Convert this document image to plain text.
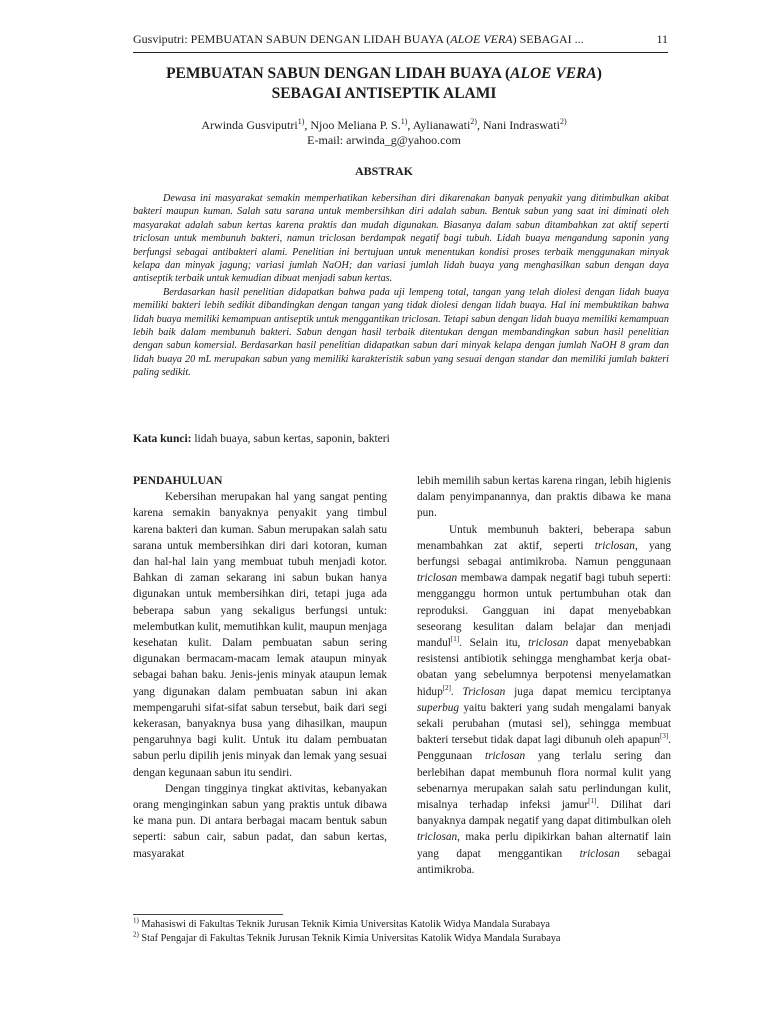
Gusviputri: PEMBUATAN SABUN DENGAN LIDAH BUAYA (ALOE VERA) SEBAGAI ...	11
PEMBUATAN SABUN DENGAN LIDAH BUAYA (ALOE VERA)
SEBAGAI ANTISEPTIK ALAMI
Arwinda Gusviputri$^{1)}$, Njoo Meliana P. S.$^{1)}$, Aylianawati$^{2)}$, Nani Indraswati$^{2)}$
E-mail: arwinda_g@yahoo.com
ABSTRAK

Dewasa ini masyarakat semakin memperhatikan kebersihan diri dikarenakan banyak penyakit yang ditimbulkan akibat bakteri maupun kuman. Salah satu sarana untuk membersihkan diri adalah sabun. Bentuk sabun yang saat ini diminati oleh masyarakat adalah sabun kertas karena praktis dan mudah digunakan. Biasanya dalam sabun ditambahkan zat aktif seperti triclosan untuk membunuh bakteri, namun triclosan berdampak negatif bagi tubuh. Lidah buaya mengandung saponin yang berfungsi sebagai antibakteri alami. Penelitian ini bertujuan untuk menentukan kondisi proses terbaik menggunakan minyak kelapa dan minyak jagung; variasi jumlah NaOH; dan variasi jumlah lidah buaya yang menghasilkan sabun dengan daya antiseptik terbaik untuk kemudian dibuat menjadi sabun kertas.

Berdasarkan hasil penelitian didapatkan bahwa pada uji lempeng total, tangan yang telah diolesi dengan lidah buaya memiliki bakteri lebih sedikit dibandingkan dengan tangan yang tidak diolesi dengan lidah buaya. Hal ini membuktikan bahwa lidah buaya memiliki kemampuan antiseptik untuk menggantikan triclosan. Tetapi sabun dengan lidah buaya memiliki kemampuan lebih baik dalam membunuh bakteri. Sabun dengan hasil terbaik ditentukan dengan membandingkan sabun hasil penelitian dengan sabun komersial. Berdasarkan hasil penelitian didapatkan sabun dari minyak kelapa dengan jumlah NaOH 8 gram dan lidah buaya 20 mL merupakan sabun yang memiliki karakteristik sabun yang sesuai dengan standar dan memiliki jumlah bakteri paling sedikit.

Kata kunci: lidah buaya, sabun kertas, saponin, bakteri
PENDAHULUAN

Kebersihan merupakan hal yang sangat penting karena semakin banyaknya penyakit yang timbul karena bakteri dan kuman. Sabun merupakan salah satu sarana untuk membersihkan diri dari kotoran, kuman dan hal-hal lain yang membuat tubuh menjadi kotor. Bahkan di zaman sekarang ini sabun bukan hanya digunakan untuk membersihkan diri, tetapi juga ada beberapa sabun yang sekaligus berfungsi untuk: melembutkan kulit, memutihkan kulit, maupun menjaga kesehatan kulit. Dalam pembuatan sabun sering digunakan bermacam-macam lemak ataupun minyak sebagai bahan baku. Jenis-jenis minyak ataupun lemak yang digunakan dalam pembuatan sabun ini akan mempengaruhi sifat-sifat sabun tersebut, baik dari segi kekerasan, banyaknya busa yang dihasilkan, maupun pengaruhnya bagi kulit. Untuk itu dalam pembuatan sabun perlu dipilih jenis minyak dan lemak yang sesuai dengan kegunaan sabun itu sendiri.

Dengan tingginya tingkat aktivitas, kebanyakan orang menginginkan sabun yang praktis untuk dibawa ke mana pun. Di antara berbagai macam bentuk sabun seperti: sabun cair, sabun padat, dan sabun kertas, masyarakat

lebih memilih sabun kertas karena ringan, lebih higienis dalam penyimpanannya, dan praktis dibawa ke mana pun.

Untuk membunuh bakteri, beberapa sabun menambahkan zat aktif, seperti triclosan, yang berfungsi sebagai antimikroba. Namun penggunaan triclosan membawa dampak negatif bagi tubuh seperti: mengganggu hormon untuk pertumbuhan otak dan reproduksi. Gangguan ini dapat menyebabkan seseorang kesulitan dalam belajar dan menjadi mandul[1]. Selain itu, triclosan dapat menyebabkan resistensi antibiotik sehingga menghambat kerja obat-obatan yang sebelumnya berpotensi menyelamatkan hidup[2]. Triclosan juga dapat memicu terciptanya superbug yaitu bakteri yang sudah mengalami banyak sekali perubahan (mutasi sel), sehingga membuat bakteri tersebut tidak dapat lagi dibunuh oleh apapun[3]. Penggunaan triclosan yang terlalu sering dan berlebihan dapat membunuh flora normal kulit yang sebenarnya merupakan salah satu perlindungan kulit, misalnya terhadap infeksi jamur[1]. Dilihat dari banyaknya dampak negatif yang dapat ditimbulkan oleh triclosan, maka perlu dipikirkan bahan alternatif lain yang dapat menggantikan triclosan sebagai antimikroba.

$^{1)}$ Mahasiswi di Fakultas Teknik Jurusan Teknik Kimia Universitas Katolik Widya Mandala Surabaya
$^{2)}$ Staf Pengajar di Fakultas Teknik Jurusan Teknik Kimia Universitas Katolik Widya Mandala Surabaya
